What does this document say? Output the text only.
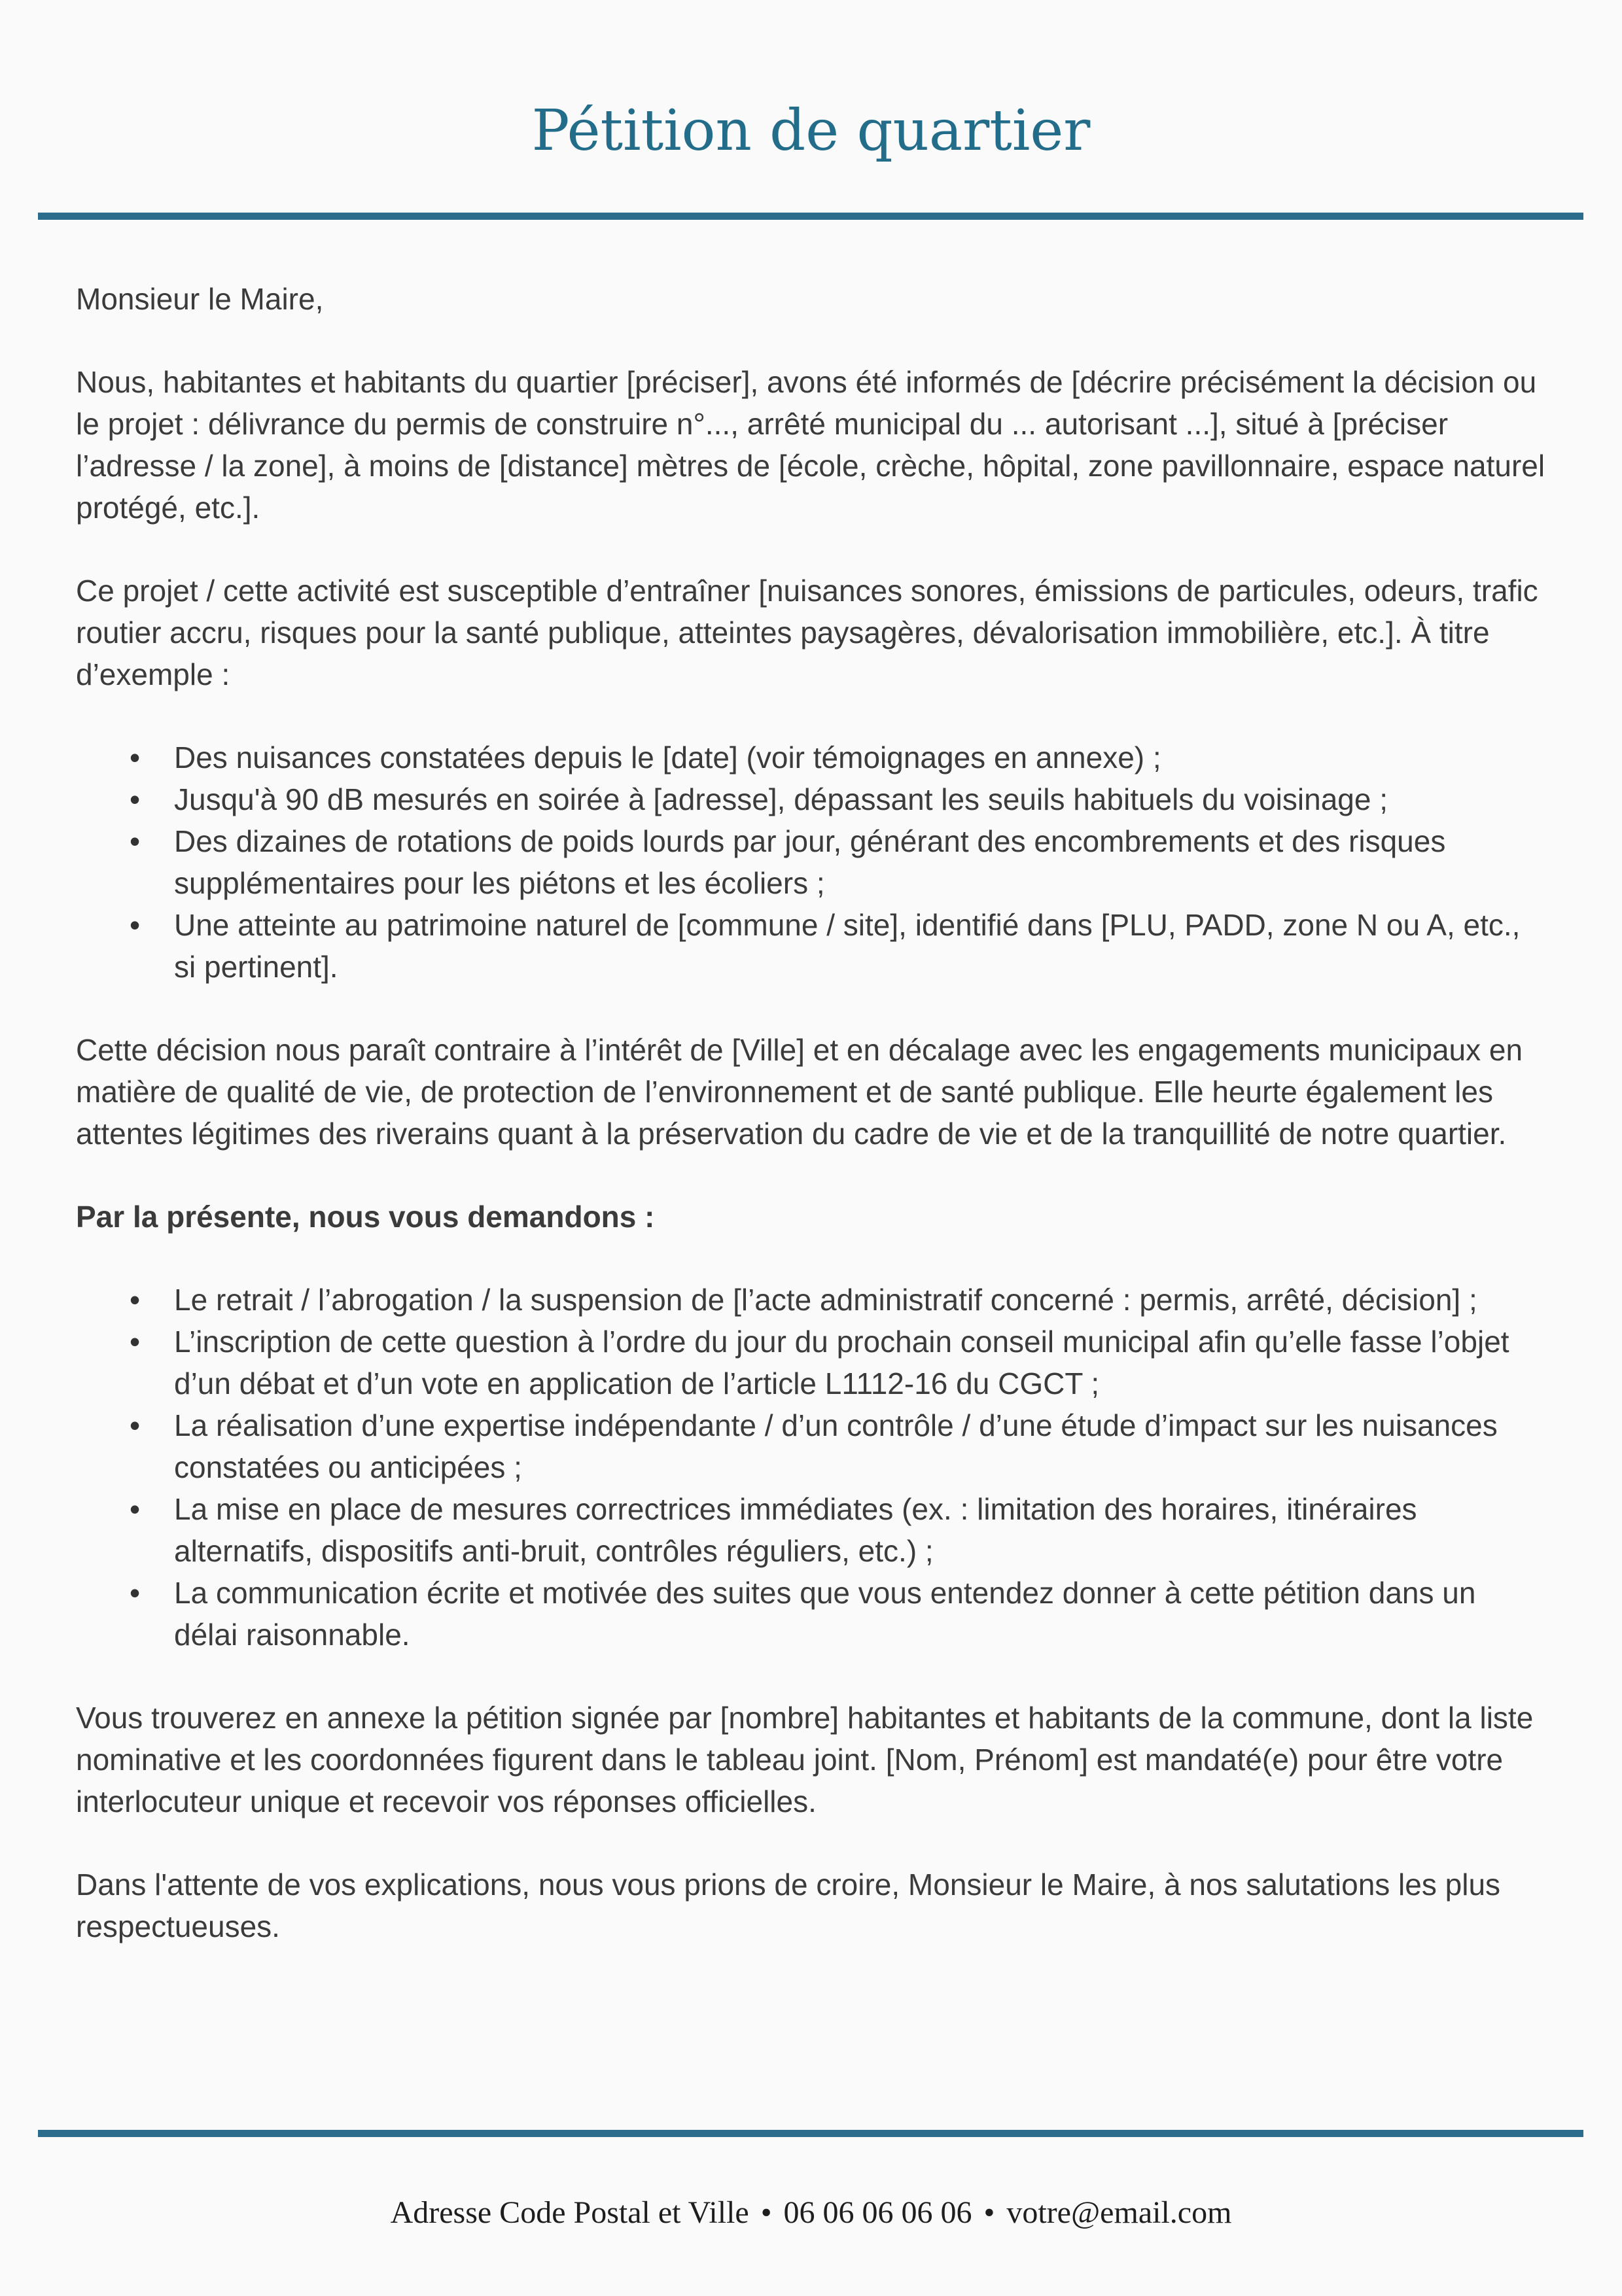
Pétition de quartier

Monsieur le Maire,

Nous, habitantes et habitants du quartier [préciser], avons été informés de [décrire précisément la décision ou le projet : délivrance du permis de construire n°..., arrêté municipal du ... autorisant ...], situé à [préciser l’adresse / la zone], à moins de [distance] mètres de [école, crèche, hôpital, zone pavillonnaire, espace naturel protégé, etc.].

Ce projet / cette activité est susceptible d’entraîner [nuisances sonores, émissions de particules, odeurs, trafic routier accru, risques pour la santé publique, atteintes paysagères, dévalorisation immobilière, etc.]. À titre d’exemple :

• Des nuisances constatées depuis le [date] (voir témoignages en annexe) ;
• Jusqu'à 90 dB mesurés en soirée à [adresse], dépassant les seuils habituels du voisinage ;
• Des dizaines de rotations de poids lourds par jour, générant des encombrements et des risques supplémentaires pour les piétons et les écoliers ;
• Une atteinte au patrimoine naturel de [commune / site], identifié dans [PLU, PADD, zone N ou A, etc., si pertinent].

Cette décision nous paraît contraire à l’intérêt de [Ville] et en décalage avec les engagements municipaux en matière de qualité de vie, de protection de l’environnement et de santé publique. Elle heurte également les attentes légitimes des riverains quant à la préservation du cadre de vie et de la tranquillité de notre quartier.

Par la présente, nous vous demandons :
• Le retrait / l’abrogation / la suspension de [l’acte administratif concerné : permis, arrêté, décision] ;
• L’inscription de cette question à l’ordre du jour du prochain conseil municipal afin qu’elle fasse l’objet d’un débat et d’un vote en application de l’article L1112-16 du CGCT ;
• La réalisation d’une expertise indépendante / d’un contrôle / d’une étude d’impact sur les nuisances constatées ou anticipées ;
• La mise en place de mesures correctrices immédiates (ex. : limitation des horaires, itinéraires alternatifs, dispositifs anti-bruit, contrôles réguliers, etc.) ;
• La communication écrite et motivée des suites que vous entendez donner à cette pétition dans un délai raisonnable.

Vous trouverez en annexe la pétition signée par [nombre] habitantes et habitants de la commune, dont la liste nominative et les coordonnées figurent dans le tableau joint. [Nom, Prénom] est mandaté(e) pour être votre interlocuteur unique et recevoir vos réponses officielles.

Dans l'attente de vos explications, nous vous prions de croire, Monsieur le Maire, à nos salutations les plus respectueuses.

Adresse Code Postal et Ville • 06 06 06 06 06 • votre@email.com
